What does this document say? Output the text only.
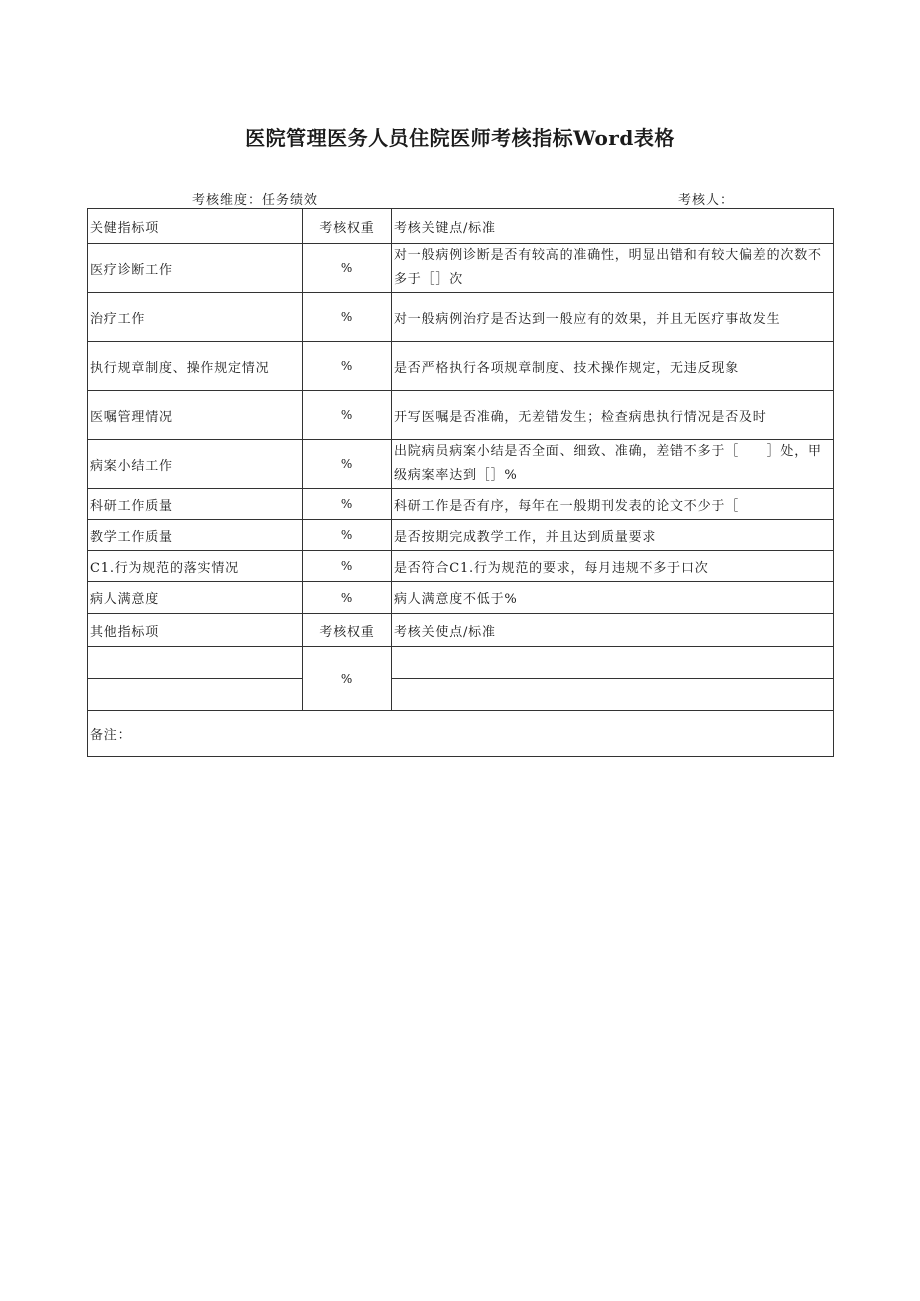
医院管理医务人员住院医师考核指标Word表格
考核维度：任务绩效	考核人：
关健指标项	考核权重	考核关键点/标准
医疗诊断工作	%	对一般病例诊断是否有较高的准确性，明显出错和有较大偏差的次数不多于［］次
治疗工作	%	对一般病例治疗是否达到一般应有的效果，并且无医疗事故发生
执行规章制度、操作规定情况	%	是否严格执行各项规章制度、技术操作规定，无违反现象
医嘱管理情况	%	开写医嘱是否准确，无差错发生；检查病患执行情况是否及时
病案小结工作	%	出院病员病案小结是否全面、细致、准确，差错不多于［　　］处，甲级病案率达到［］%
科研工作质量	%	科研工作是否有序，每年在一般期刊发表的论文不少于［
教学工作质量	%	是否按期完成教学工作，并且达到质量要求
C1.行为规范的落实情况	%	是否符合C1.行为规范的要求，每月违规不多于口次
病人满意度	%	病人满意度不低于%
其他指标项	考核权重	考核关使点/标准
	%	

备注：		
